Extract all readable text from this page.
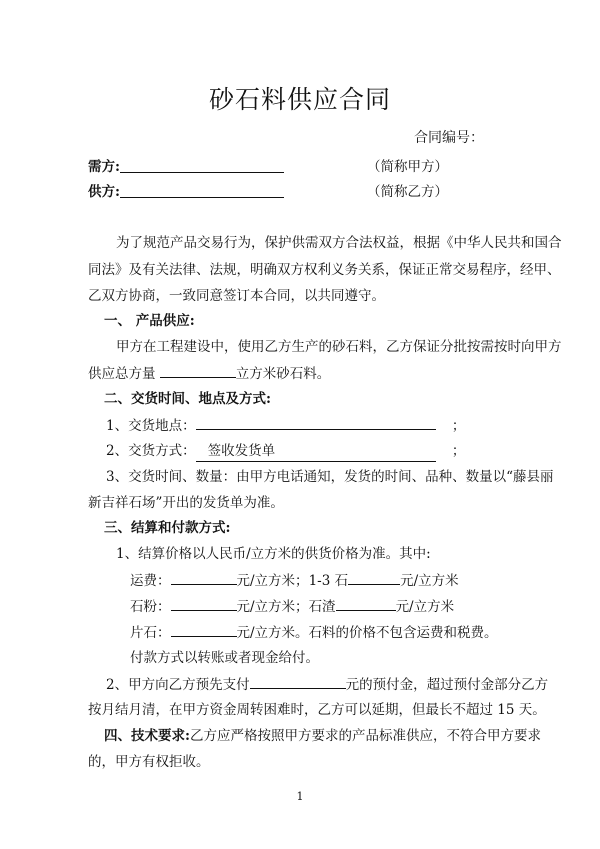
砂石料供应合同
合同编号：
需方:	（简称甲方）
供方:	（简称乙方）
为了规范产品交易行为，保护供需双方合法权益，根据《中华人民共和国合
同法》及有关法律、法规，明确双方权利义务关系，保证正常交易程序，经甲、
乙双方协商，一致同意签订本合同，以共同遵守。
一、 产品供应:
甲方在工程建设中，使用乙方生产的砂石料，乙方保证分批按需按时向甲方
供应总方量	立方米砂石料。
二、交货时间、地点及方式:
1、交货地点：	；
2、交货方式： 签收发货单	；
3、交货时间、数量：由甲方电话通知，发货的时间、品种、数量以“藤县丽
新吉祥石场”开出的发货单为准。
三、结算和付款方式:
1、结算价格以人民币/立方米的供货价格为准。其中:
运费：	元/立方米；1-3 石	元/立方米
石粉：	元/立方米；石渣	元/立方米
片石：	元/立方米。石料的价格不包含运费和税费。
付款方式以转账或者现金给付。
2、甲方向乙方预先支付	元的预付金，超过预付金部分乙方
按月结月清，在甲方资金周转困难时，乙方可以延期，但最长不超过 15 天。
四、技术要求:乙方应严格按照甲方要求的产品标准供应，不符合甲方要求
的，甲方有权拒收。
1
